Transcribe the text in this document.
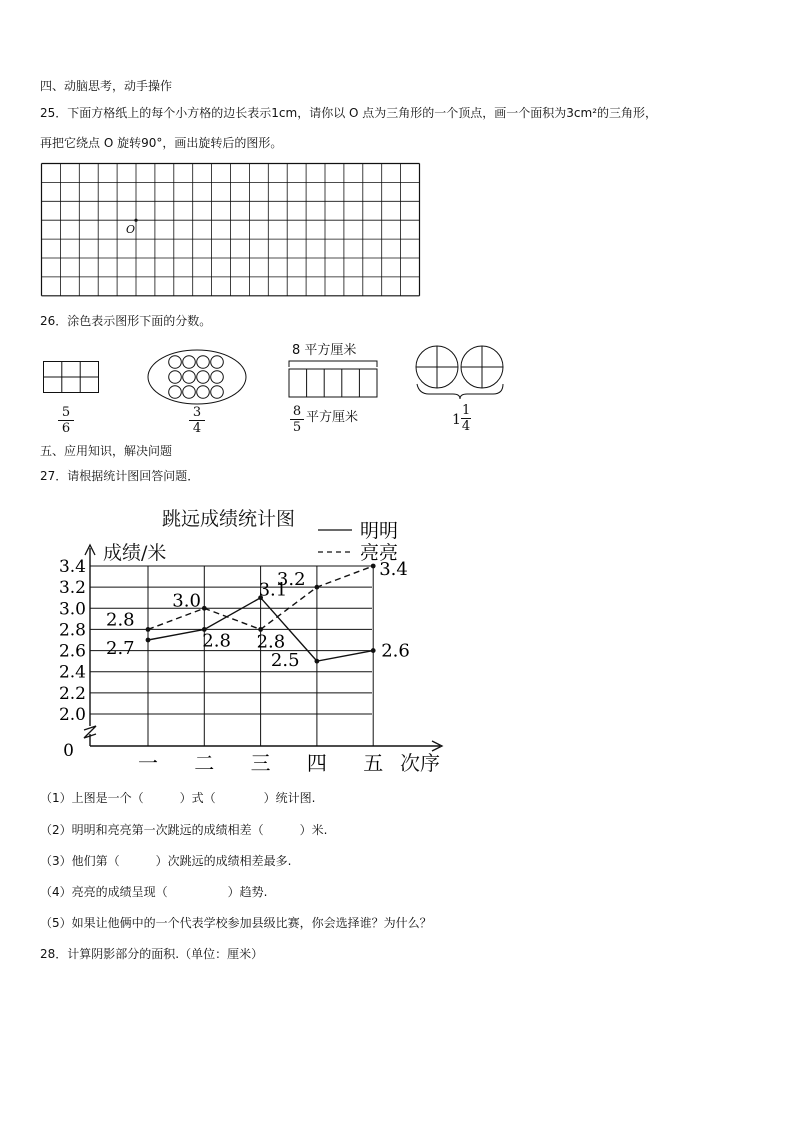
四、动脑思考，动手操作
25．下面方格纸上的每个小方格的边长表示1cm，请你以 O 点为三角形的一个顶点，画一个面积为3cm²的三角形，
再把它绕点 O 旋转90°，画出旋转后的图形。
O
26．涂色表示图形下面的分数。
$\frac{5}{6}$	$\frac{3}{4}$
8 平方厘米
$\frac{8}{5}$ 平方厘米	$1 \frac{1}{4}$
五、应用知识，解决问题
27．请根据统计图回答问题．
跳远成绩统计图
成绩/米
次序
3.4
3.2
3.0
2.8
2.6
2.4
2.2
2.0
0	一 二 三 四 五
明明
亮亮
2.7	2.8
3.1
2.5	2.6
2.8
3.0
2.8
3.2	3.4
（1）上图是一个（　　　）式（　　　　）统计图.
（2）明明和亮亮第一次跳远的成绩相差（　　　）米.
（3）他们第（　　　）次跳远的成绩相差最多.
（4）亮亮的成绩呈现（　　　　　）趋势.
（5）如果让他俩中的一个代表学校参加县级比赛，你会选择谁？为什么？
28．计算阴影部分的面积.（单位：厘米）
